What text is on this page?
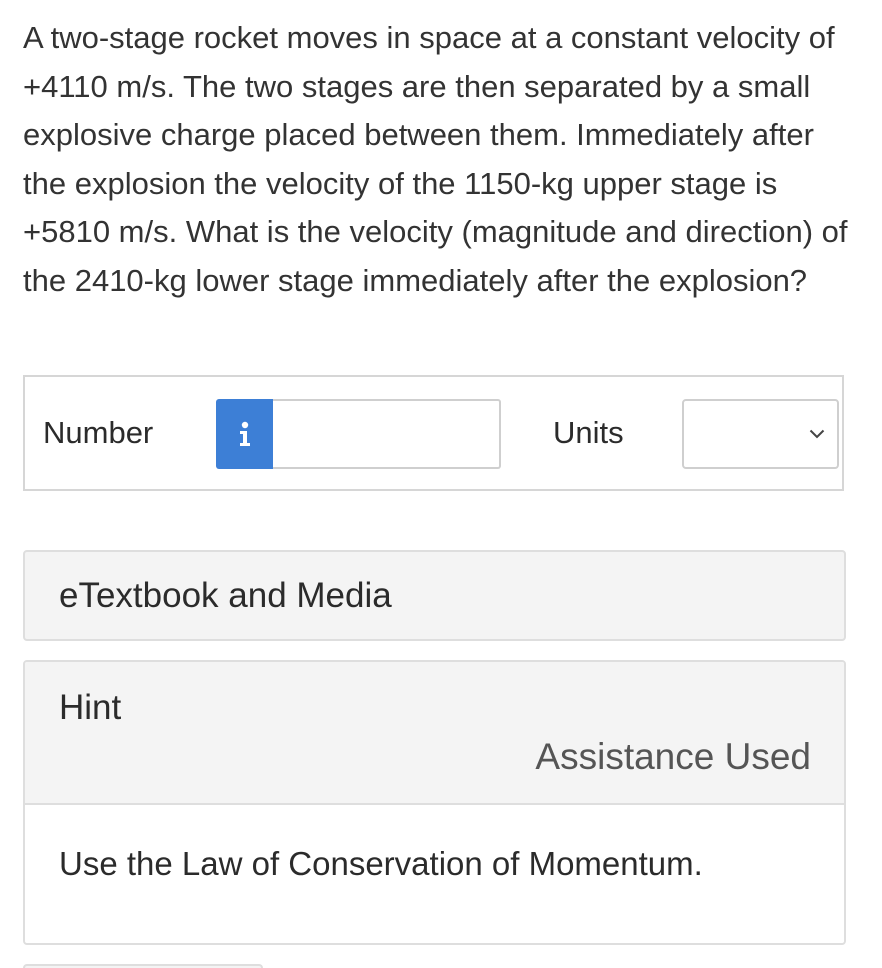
A two-stage rocket moves in space at a constant velocity of +4110 m/s. The two stages are then separated by a small explosive charge placed between them. Immediately after the explosion the velocity of the 1150-kg upper stage is +5810 m/s. What is the velocity (magnitude and direction) of the 2410-kg lower stage immediately after the explosion?
Number	Units
eTextbook and Media
Hint
Assistance Used
Use the Law of Conservation of Momentum.
